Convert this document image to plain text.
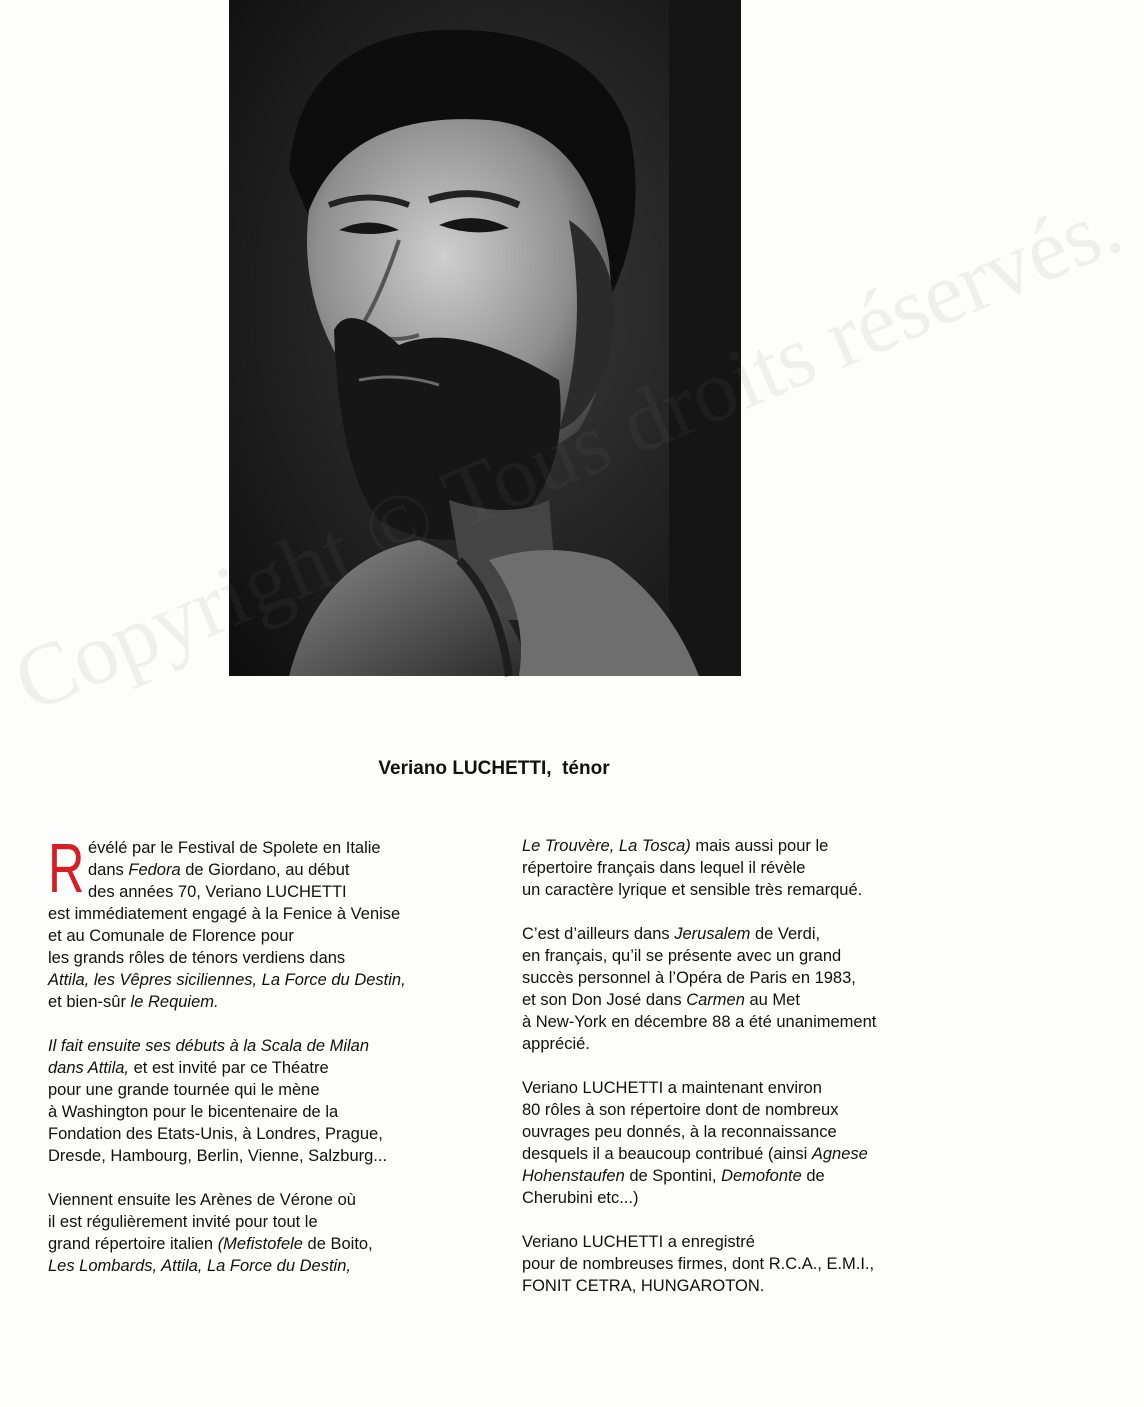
Copyright réservés.
Veriano LUCHETTI, ténor

R évélé par le Festival de Spolete en Italie
dans Fedora de Giordano, au début
des années 70, Veriano LUCHETTI
est immédiatement engagé à la Fenice à Venise
et au Comunale de Florence pour
les grands rôles de ténors verdiens dans
Attila, les Vêpres siciliennes, La Force du Destin,
et bien-sûr le Requiem.

Il fait ensuite ses débuts à la Scala de Milan
dans Attila, et est invité par ce Théatre
pour une grande tournée qui le mène
à Washington pour le bicentenaire de la
Fondation des Etats-Unis, à Londres, Prague,
Dresde, Hambourg, Berlin, Vienne, Salzburg...

Viennent ensuite les Arènes de Vérone où
il est régulièrement invité pour tout le
grand répertoire italien (Mefistofele de Boito,
Les Lombards, Attila, La Force du Destin,

Le Trouvère, La Tosca) mais aussi pour le
répertoire français dans lequel il révèle
un caractère lyrique et sensible très remarqué.

C’est d’ailleurs dans Jerusalem de Verdi,
en français, qu’il se présente avec un grand
succès personnel à l’Opéra de Paris en 1983,
et son Don José dans Carmen au Met
à New-York en décembre 88 a été unanimement
apprécié.

Veriano LUCHETTI a maintenant environ
80 rôles à son répertoire dont de nombreux
ouvrages peu donnés, à la reconnaissance
desquels il a beaucoup contribué (ainsi Agnese
Hohenstaufen de Spontini, Demofonte de
Cherubini etc...)

Veriano LUCHETTI a enregistré
pour de nombreuses firmes, dont R.C.A., E.M.I.,
FONIT CETRA, HUNGAROTON.
